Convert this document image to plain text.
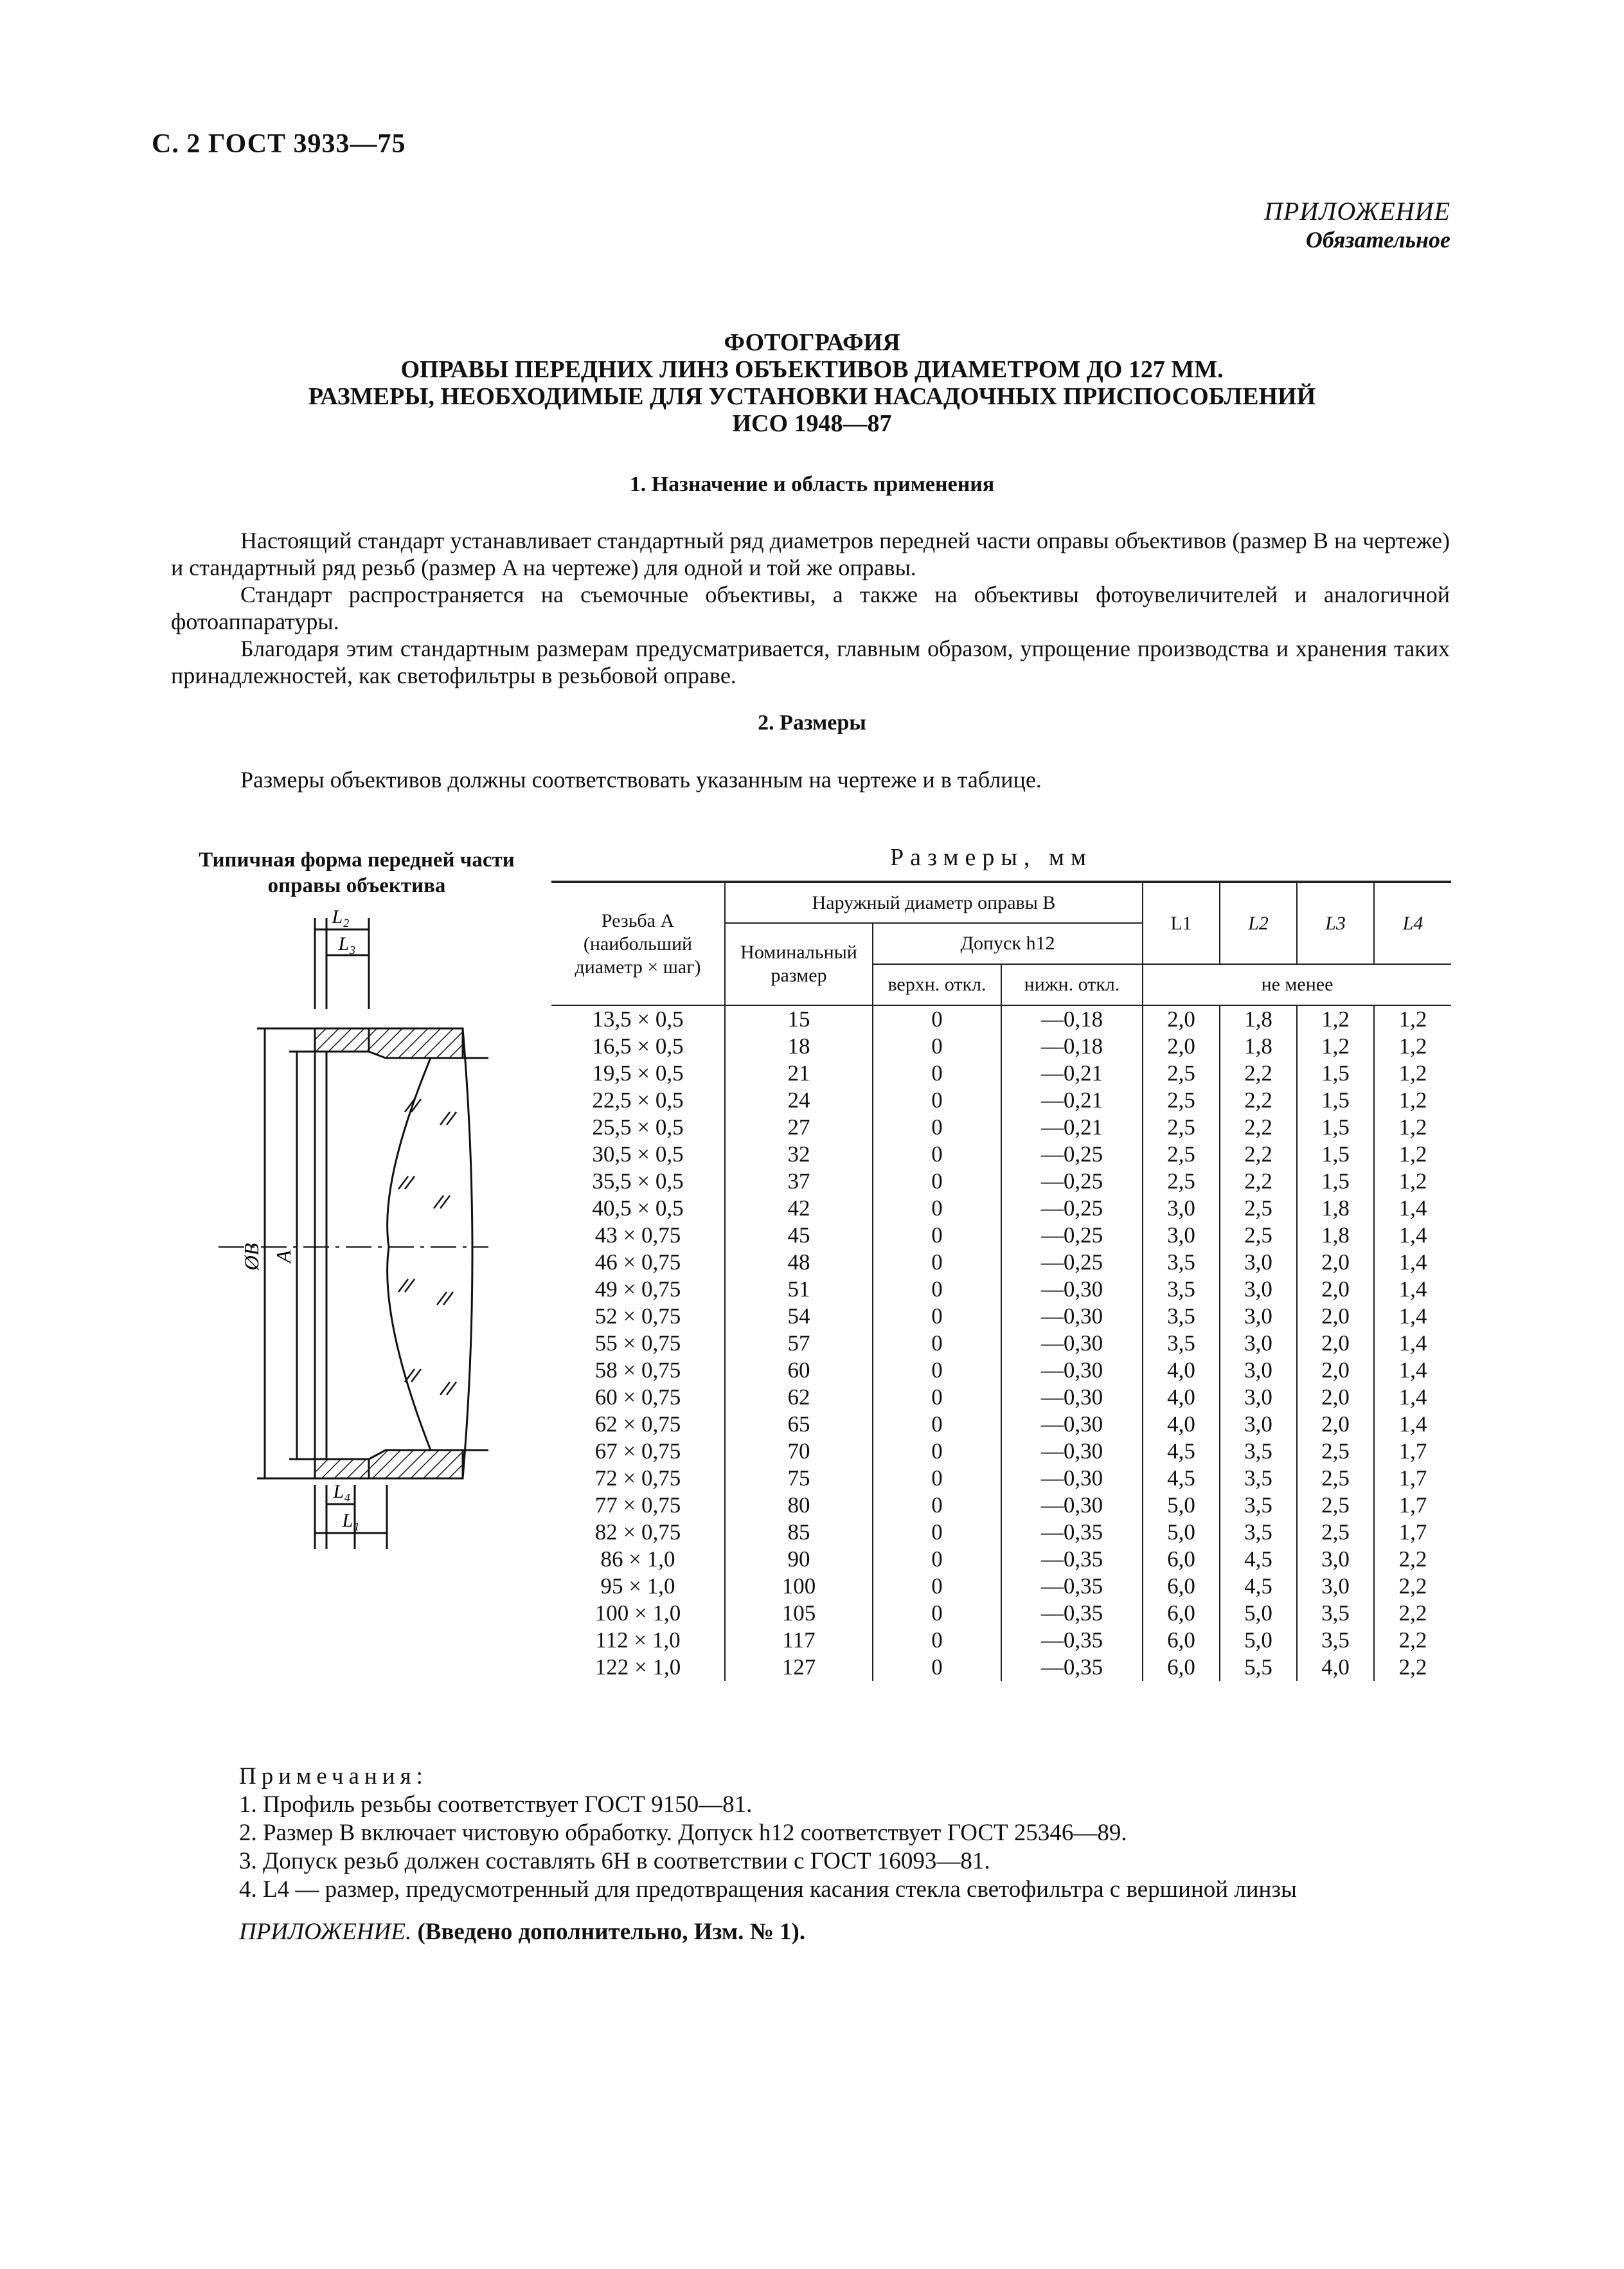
С. 2 ГОСТ 3933—75
ПРИЛОЖЕНИЕ
Обязательное
ФОТОГРАФИЯ
ОПРАВЫ ПЕРЕДНИХ ЛИНЗ ОБЪЕКТИВОВ ДИАМЕТРОМ ДО 127 ММ.
РАЗМЕРЫ, НЕОБХОДИМЫЕ ДЛЯ УСТАНОВКИ НАСАДОЧНЫХ ПРИСПОСОБЛЕНИЙ
ИСО 1948—87
1. Назначение и область применения
Настоящий стандарт устанавливает стандартный ряд диаметров передней части оправы объективов (размер B на чертеже) и стандартный ряд резьб (размер A на чертеже) для одной и той же оправы.
Стандарт распространяется на съемочные объективы, а также на объективы фотоувеличителей и аналогичной фотоаппаратуры.
Благодаря этим стандартным размерам предусматривается, главным образом, упрощение производства и хранения таких принадлежностей, как светофильтры в резьбовой оправе.
2. Размеры
Размеры объективов должны соответствовать указанным на чертеже и в таблице.
Типичная форма передней части оправы объектива
L₂
L₃
ØB A
L₄
L₁
Размеры, мм
Резьба A (наибольший диаметр × шаг)	Наружный диаметр оправы B			L1	L2	L3	L4
	Номинальный размер	Допуск h12					
		верхн. откл.	нижн. откл.	не менее			
13,5 × 0,5	15	0	—0,18	2,0	1,8	1,2	1,2
16,5 × 0,5	18	0	—0,18	2,0	1,8	1,2	1,2
19,5 × 0,5	21	0	—0,21	2,5	2,2	1,5	1,2
22,5 × 0,5	24	0	—0,21	2,5	2,2	1,5	1,2
25,5 × 0,5	27	0	—0,21	2,5	2,2	1,5	1,2
30,5 × 0,5	32	0	—0,25	2,5	2,2	1,5	1,2
35,5 × 0,5	37	0	—0,25	2,5	2,2	1,5	1,2
40,5 × 0,5	42	0	—0,25	3,0	2,5	1,8	1,4
43 × 0,75	45	0	—0,25	3,0	2,5	1,8	1,4
46 × 0,75	48	0	—0,25	3,5	3,0	2,0	1,4
49 × 0,75	51	0	—0,30	3,5	3,0	2,0	1,4
52 × 0,75	54	0	—0,30	3,5	3,0	2,0	1,4
55 × 0,75	57	0	—0,30	3,5	3,0	2,0	1,4
58 × 0,75	60	0	—0,30	4,0	3,0	2,0	1,4
60 × 0,75	62	0	—0,30	4,0	3,0	2,0	1,4
62 × 0,75	65	0	—0,30	4,0	3,0	2,0	1,4
67 × 0,75	70	0	—0,30	4,5	3,5	2,5	1,7
72 × 0,75	75	0	—0,30	4,5	3,5	2,5	1,7
77 × 0,75	80	0	—0,30	5,0	3,5	2,5	1,7
82 × 0,75	85	0	—0,35	5,0	3,5	2,5	1,7
86 × 1,0	90	0	—0,35	6,0	4,5	3,0	2,2
95 × 1,0	100	0	—0,35	6,0	4,5	3,0	2,2
100 × 1,0	105	0	—0,35	6,0	5,0	3,5	2,2
112 × 1,0	117	0	—0,35	6,0	5,0	3,5	2,2
122 × 1,0	127	0	—0,35	6,0	5,5	4,0	2,2
Примечания:
1. Профиль резьбы соответствует ГОСТ 9150—81.
2. Размер B включает чистовую обработку. Допуск h12 соответствует ГОСТ 25346—89.
3. Допуск резьб должен составлять 6H в соответствии с ГОСТ 16093—81.
4. L4 — размер, предусмотренный для предотвращения касания стекла светофильтра с вершиной линзы
ПРИЛОЖЕНИЕ. (Введено дополнительно, Изм. № 1).
